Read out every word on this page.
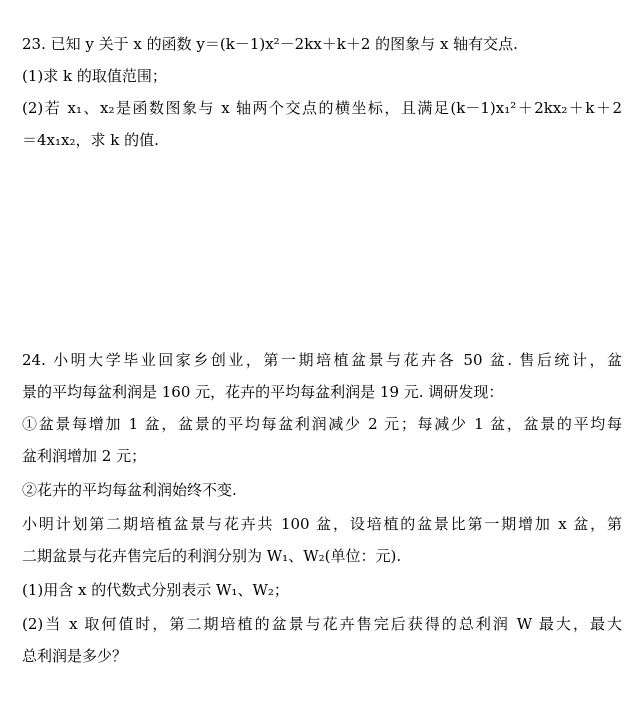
23. 已知 y 关于 x 的函数 y＝(k－1)x²－2kx＋k＋2 的图象与 x 轴有交点.
(1)求 k 的取值范围；
(2)若 x₁、x₂是函数图象与 x 轴两个交点的横坐标，且满足(k－1)x₁²＋2kx₂＋k＋2
＝4x₁x₂，求 k 的值.
24. 小明大学毕业回家乡创业，第一期培植盆景与花卉各 50 盆. 售后统计，盆
景的平均每盆利润是 160 元，花卉的平均每盆利润是 19 元. 调研发现：
①盆景每增加 1 盆，盆景的平均每盆利润减少 2 元；每减少 1 盆，盆景的平均每
盆利润增加 2 元；
②花卉的平均每盆利润始终不变.
小明计划第二期培植盆景与花卉共 100 盆，设培植的盆景比第一期增加 x 盆，第
二期盆景与花卉售完后的利润分别为 W₁、W₂(单位：元).
(1)用含 x 的代数式分别表示 W₁、W₂；
(2)当 x 取何值时，第二期培植的盆景与花卉售完后获得的总利润 W 最大，最大
总利润是多少？
